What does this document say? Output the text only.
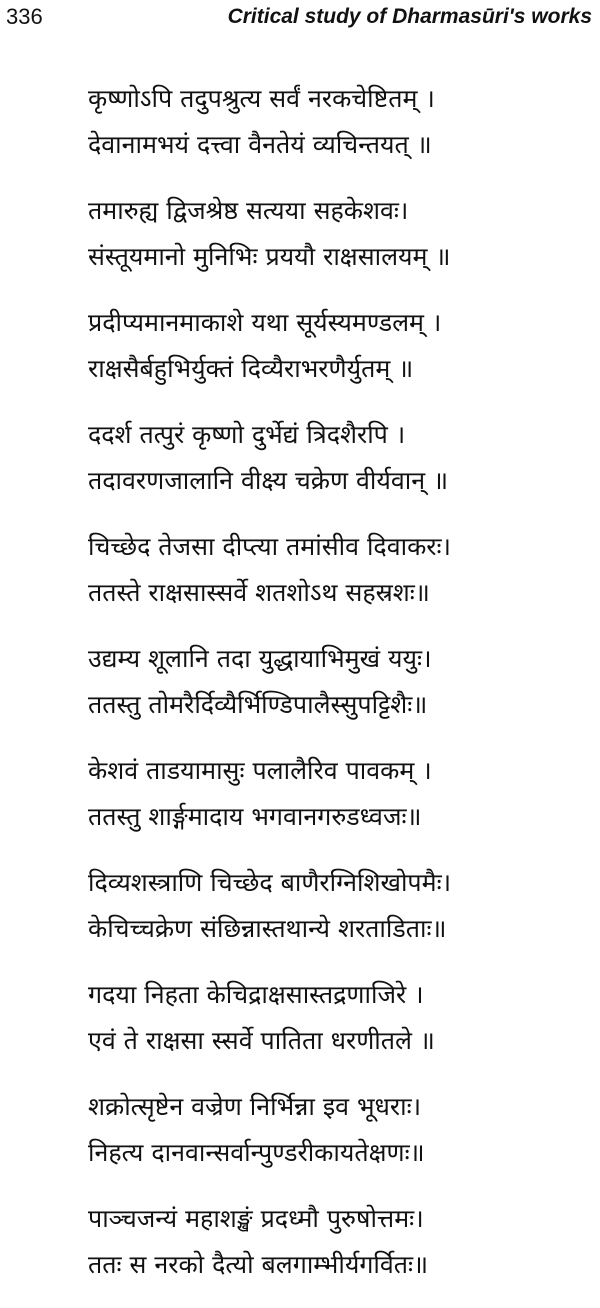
336	Critical study of Dharmasūri's works
कृष्णोऽपि तदुपश्रुत्य सर्वं नरकचेष्टितम् ।
देवानामभयं दत्त्वा वैनतेयं व्यचिन्तयत् ॥
तमारुह्य द्विजश्रेष्ठ सत्यया सहकेशवः।
संस्तूयमानो मुनिभिः प्रययौ राक्षसालयम् ॥
प्रदीप्यमानमाकाशे यथा सूर्यस्यमण्डलम् ।
राक्षसैर्बहुभिर्युक्तं दिव्यैराभरणैर्युतम् ॥
ददर्श तत्पुरं कृष्णो दुर्भेद्यं त्रिदशैरपि ।
तदावरणजालानि वीक्ष्य चक्रेण वीर्यवान् ॥
चिच्छेद तेजसा दीप्त्या तमांसीव दिवाकरः।
ततस्ते राक्षसास्सर्वे शतशोऽथ सहस्रशः॥
उद्यम्य शूलानि तदा युद्धायाभिमुखं ययुः।
ततस्तु तोमरैर्दिव्यैर्भिण्डिपालैस्सुपट्टिशैः॥
केशवं ताडयामासुः पलालैरिव पावकम् ।
ततस्तु शार्ङ्गमादाय भगवानगरुडध्वजः॥
दिव्यशस्त्राणि चिच्छेद बाणैरग्निशिखोपमैः।
केचिच्चक्रेण संछिन्नास्तथान्ये शरताडिताः॥
गदया निहता केचिद्राक्षसास्तद्रणाजिरे ।
एवं ते राक्षसा स्सर्वे पातिता धरणीतले ॥
शक्रोत्सृष्टेन वज्रेण निर्भिन्ना इव भूधराः।
निहत्य दानवान्सर्वान्पुण्डरीकायतेक्षणः॥
पाञ्चजन्यं महाशङ्खं प्रदध्मौ पुरुषोत्तमः।
ततः स नरको दैत्यो बलगाम्भीर्यगर्वितः॥
